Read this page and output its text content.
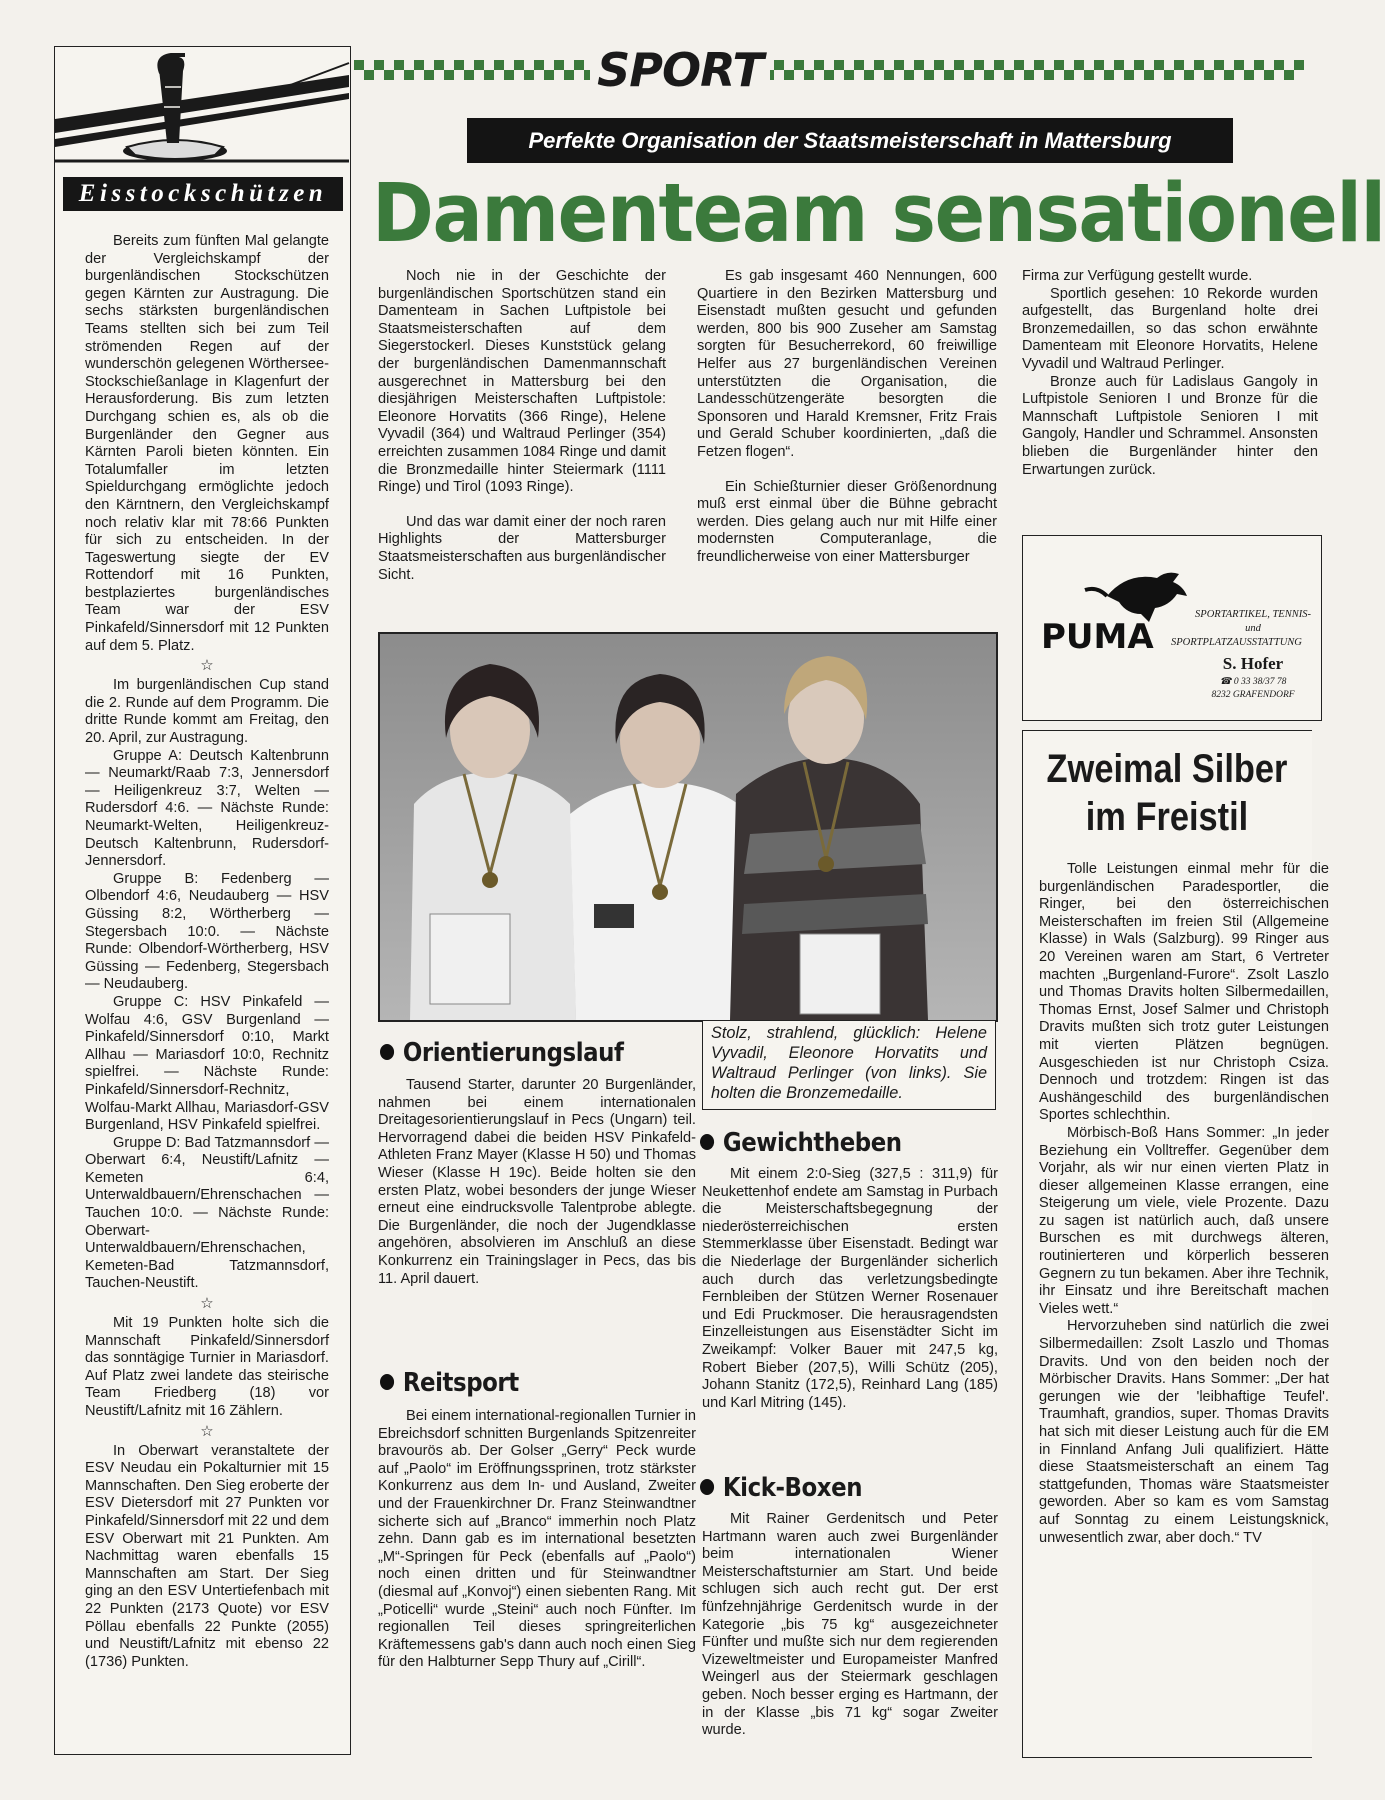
Eisstockschützen

Bereits zum fünften Mal gelangte der Vergleichskampf der burgenländischen Stockschützen gegen Kärnten zur Austragung. Die sechs stärksten burgenländischen Teams stellten sich bei zum Teil strömenden Regen auf der wunderschön gelegenen Wörthersee-Stockschießanlage in Klagenfurt der Herausforderung. Bis zum letzten Durchgang schien es, als ob die Burgenländer den Gegner aus Kärnten Paroli bieten könnten. Ein Totalumfaller im letzten Spieldurchgang ermöglichte jedoch den Kärntnern, den Vergleichskampf noch relativ klar mit 78:66 Punkten für sich zu entscheiden. In der Tageswertung siegte der EV Rottendorf mit 16 Punkten, bestplaziertes burgenländisches Team war der ESV Pinkafeld/Sinnersdorf mit 12 Punkten auf dem 5. Platz.

☆

Im burgenländischen Cup stand die 2. Runde auf dem Programm. Die dritte Runde kommt am Freitag, den 20. April, zur Austragung.

Gruppe A: Deutsch Kaltenbrunn — Neumarkt/Raab 7:3, Jennersdorf — Heiligenkreuz 3:7, Welten — Rudersdorf 4:6. — Nächste Runde: Neumarkt-Welten, Heiligenkreuz-Deutsch Kaltenbrunn, Rudersdorf-Jennersdorf.

Gruppe B: Fedenberg — Olbendorf 4:6, Neudauberg — HSV Güssing 8:2, Wörtherberg — Stegersbach 10:0. — Nächste Runde: Olbendorf-Wörtherberg, HSV Güssing — Fedenberg, Stegersbach — Neudauberg.

Gruppe C: HSV Pinkafeld — Wolfau 4:6, GSV Burgenland — Pinkafeld/Sinnersdorf 0:10, Markt Allhau — Mariasdorf 10:0, Rechnitz spielfrei. — Nächste Runde: Pinkafeld/Sinnersdorf-Rechnitz, Wolfau-Markt Allhau, Mariasdorf-GSV Burgenland, HSV Pinkafeld spielfrei.

Gruppe D: Bad Tatzmannsdorf — Oberwart 6:4, Neustift/Lafnitz — Kemeten 6:4, Unterwaldbauern/Ehrenschachen — Tauchen 10:0. — Nächste Runde: Oberwart-Unterwaldbauern/Ehrenschachen, Kemeten-Bad Tatzmannsdorf, Tauchen-Neustift.

☆

Mit 19 Punkten holte sich die Mannschaft Pinkafeld/Sinnersdorf das sonntägige Turnier in Mariasdorf. Auf Platz zwei landete das steirische Team Friedberg (18) vor Neustift/Lafnitz mit 16 Zählern.

☆

In Oberwart veranstaltete der ESV Neudau ein Pokalturnier mit 15 Mannschaften. Den Sieg eroberte der ESV Dietersdorf mit 27 Punkten vor Pinkafeld/Sinnersdorf mit 22 und dem ESV Oberwart mit 21 Punkten. Am Nachmittag waren ebenfalls 15 Mannschaften am Start. Der Sieg ging an den ESV Untertiefenbach mit 22 Punkten (2173 Quote) vor ESV Pöllau ebenfalls 22 Punkte (2055) und Neustift/Lafnitz mit ebenso 22 (1736) Punkten.

SPORT
Perfekte Organisation der Staatsmeisterschaft in Mattersburg
Damenteam sensationell

Noch nie in der Geschichte der burgenländischen Sportschützen stand ein Damenteam in Sachen Luftpistole bei Staatsmeisterschaften auf dem Siegerstockerl. Dieses Kunststück gelang der burgenländischen Damenmannschaft ausgerechnet in Mattersburg bei den diesjährigen Meisterschaften Luftpistole: Eleonore Horvatits (366 Ringe), Helene Vyvadil (364) und Waltraud Perlinger (354) erreichten zusammen 1084 Ringe und damit die Bronzmedaille hinter Steiermark (1111 Ringe) und Tirol (1093 Ringe).

Und das war damit einer der noch raren Highlights der Mattersburger Staatsmeisterschaften aus burgenländischer Sicht.

Es gab insgesamt 460 Nennungen, 600 Quartiere in den Bezirken Mattersburg und Eisenstadt mußten gesucht und gefunden werden, 800 bis 900 Zuseher am Samstag sorgten für Besucherrekord, 60 freiwillige Helfer aus 27 burgenländischen Vereinen unterstützten die Organisation, die Landesschützengeräte besorgten die Sponsoren und Harald Kremsner, Fritz Frais und Gerald Schuber koordinierten, „daß die Fetzen flogen“.

Ein Schießturnier dieser Größenordnung muß erst einmal über die Bühne gebracht werden. Dies gelang auch nur mit Hilfe einer modernsten Computeranlage, die freundlicherweise von einer Mattersburger

Firma zur Verfügung gestellt wurde.

Sportlich gesehen: 10 Rekorde wurden aufgestellt, das Burgenland holte drei Bronzemedaillen, so das schon erwähnte Damenteam mit Eleonore Horvatits, Helene Vyvadil und Waltraud Perlinger.

Bronze auch für Ladislaus Gangoly in Luftpistole Senioren I und Bronze für die Mannschaft Luftpistole Senioren I mit Gangoly, Handler und Schrammel. Ansonsten blieben die Burgenländer hinter den Erwartungen zurück.

PUMA
SPORTARTIKEL, TENNIS-
und
SPORTPLATZAUSSTATTUNG
S. Hofer
☎ 0 33 38/37 78
8232 GRAFENDORF
Zweimal Silber
im Freistil

Tolle Leistungen einmal mehr für die burgenländischen Paradesportler, die Ringer, bei den österreichischen Meisterschaften im freien Stil (Allgemeine Klasse) in Wals (Salzburg). 99 Ringer aus 20 Vereinen waren am Start, 6 Vertreter machten „Burgenland-Furore“. Zsolt Laszlo und Thomas Dravits holten Silbermedaillen, Thomas Ernst, Josef Salmer und Christoph Dravits mußten sich trotz guter Leistungen mit vierten Plätzen begnügen. Ausgeschieden ist nur Christoph Csiza. Dennoch und trotzdem: Ringen ist das Aushängeschild des burgenländischen Sportes schlechthin.

Mörbisch-Boß Hans Sommer: „In jeder Beziehung ein Volltreffer. Gegenüber dem Vorjahr, als wir nur einen vierten Platz in dieser allgemeinen Klasse errangen, eine Steigerung um viele, viele Prozente. Dazu zu sagen ist natürlich auch, daß unsere Burschen es mit durchwegs älteren, routinierteren und körperlich besseren Gegnern zu tun bekamen. Aber ihre Technik, ihr Einsatz und ihre Bereitschaft machen Vieles wett.“

Hervorzuheben sind natürlich die zwei Silbermedaillen: Zsolt Laszlo und Thomas Dravits. Und von den beiden noch der Mörbischer Dravits. Hans Sommer: „Der hat gerungen wie der 'leibhaftige Teufel'. Traumhaft, grandios, super. Thomas Dravits hat sich mit dieser Leistung auch für die EM in Finnland Anfang Juli qualifiziert. Hätte diese Staatsmeisterschaft an einem Tag stattgefunden, Thomas wäre Staatsmeister geworden. Aber so kam es vom Samstag auf Sonntag zu einem Leistungsknick, unwesentlich zwar, aber doch.“ TV

Stolz, strahlend, glücklich: Helene Vyvadil, Eleonore Horvatits und Waltraud Perlinger (von links). Sie holten die Bronzemedaille.
Orientierungslauf

Tausend Starter, darunter 20 Burgenländer, nahmen bei einem internationalen Dreitagesorientierungslauf in Pecs (Ungarn) teil. Hervorragend dabei die beiden HSV Pinkafeld-Athleten Franz Mayer (Klasse H 50) und Thomas Wieser (Klasse H 19c). Beide holten sie den ersten Platz, wobei besonders der junge Wieser erneut eine eindrucksvolle Talentprobe ablegte. Die Burgenländer, die noch der Jugendklasse angehören, absolvieren im Anschluß an diese Konkurrenz ein Trainingslager in Pecs, das bis 11. April dauert.

Reitsport

Bei einem international-regionallen Turnier in Ebreichsdorf schnitten Burgenlands Spitzenreiter bravourös ab. Der Golser „Gerry“ Peck wurde auf „Paolo“ im Eröffnungssprinen, trotz stärkster Konkurrenz aus dem In- und Ausland, Zweiter und der Frauenkirchner Dr. Franz Steinwandtner sicherte sich auf „Branco“ immerhin noch Platz zehn. Dann gab es im international besetzten „M“-Springen für Peck (ebenfalls auf „Paolo“) noch einen dritten und für Steinwandtner (diesmal auf „Konvoj“) einen siebenten Rang. Mit „Poticelli“ wurde „Steini“ auch noch Fünfter. Im regionallen Teil dieses springreiterlichen Kräftemessens gab's dann auch noch einen Sieg für den Halbturner Sepp Thury auf „Cirill“.

Gewichtheben

Mit einem 2:0-Sieg (327,5 : 311,9) für Neukettenhof endete am Samstag in Purbach die Meisterschaftsbegegnung der niederösterreichischen ersten Stemmerklasse über Eisenstadt. Bedingt war die Niederlage der Burgenländer sicherlich auch durch das verletzungsbedingte Fernbleiben der Stützen Werner Rosenauer und Edi Pruckmoser. Die herausragendsten Einzelleistungen aus Eisenstädter Sicht im Zweikampf: Volker Bauer mit 247,5 kg, Robert Bieber (207,5), Willi Schütz (205), Johann Stanitz (172,5), Reinhard Lang (185) und Karl Mitring (145).

Kick-Boxen

Mit Rainer Gerdenitsch und Peter Hartmann waren auch zwei Burgenländer beim internationalen Wiener Meisterschaftsturnier am Start. Und beide schlugen sich auch recht gut. Der erst fünfzehnjährige Gerdenitsch wurde in der Kategorie „bis 75 kg“ ausgezeichneter Fünfter und mußte sich nur dem regierenden Vizeweltmeister und Europameister Manfred Weingerl aus der Steiermark geschlagen geben. Noch besser erging es Hartmann, der in der Klasse „bis 71 kg“ sogar Zweiter wurde.
